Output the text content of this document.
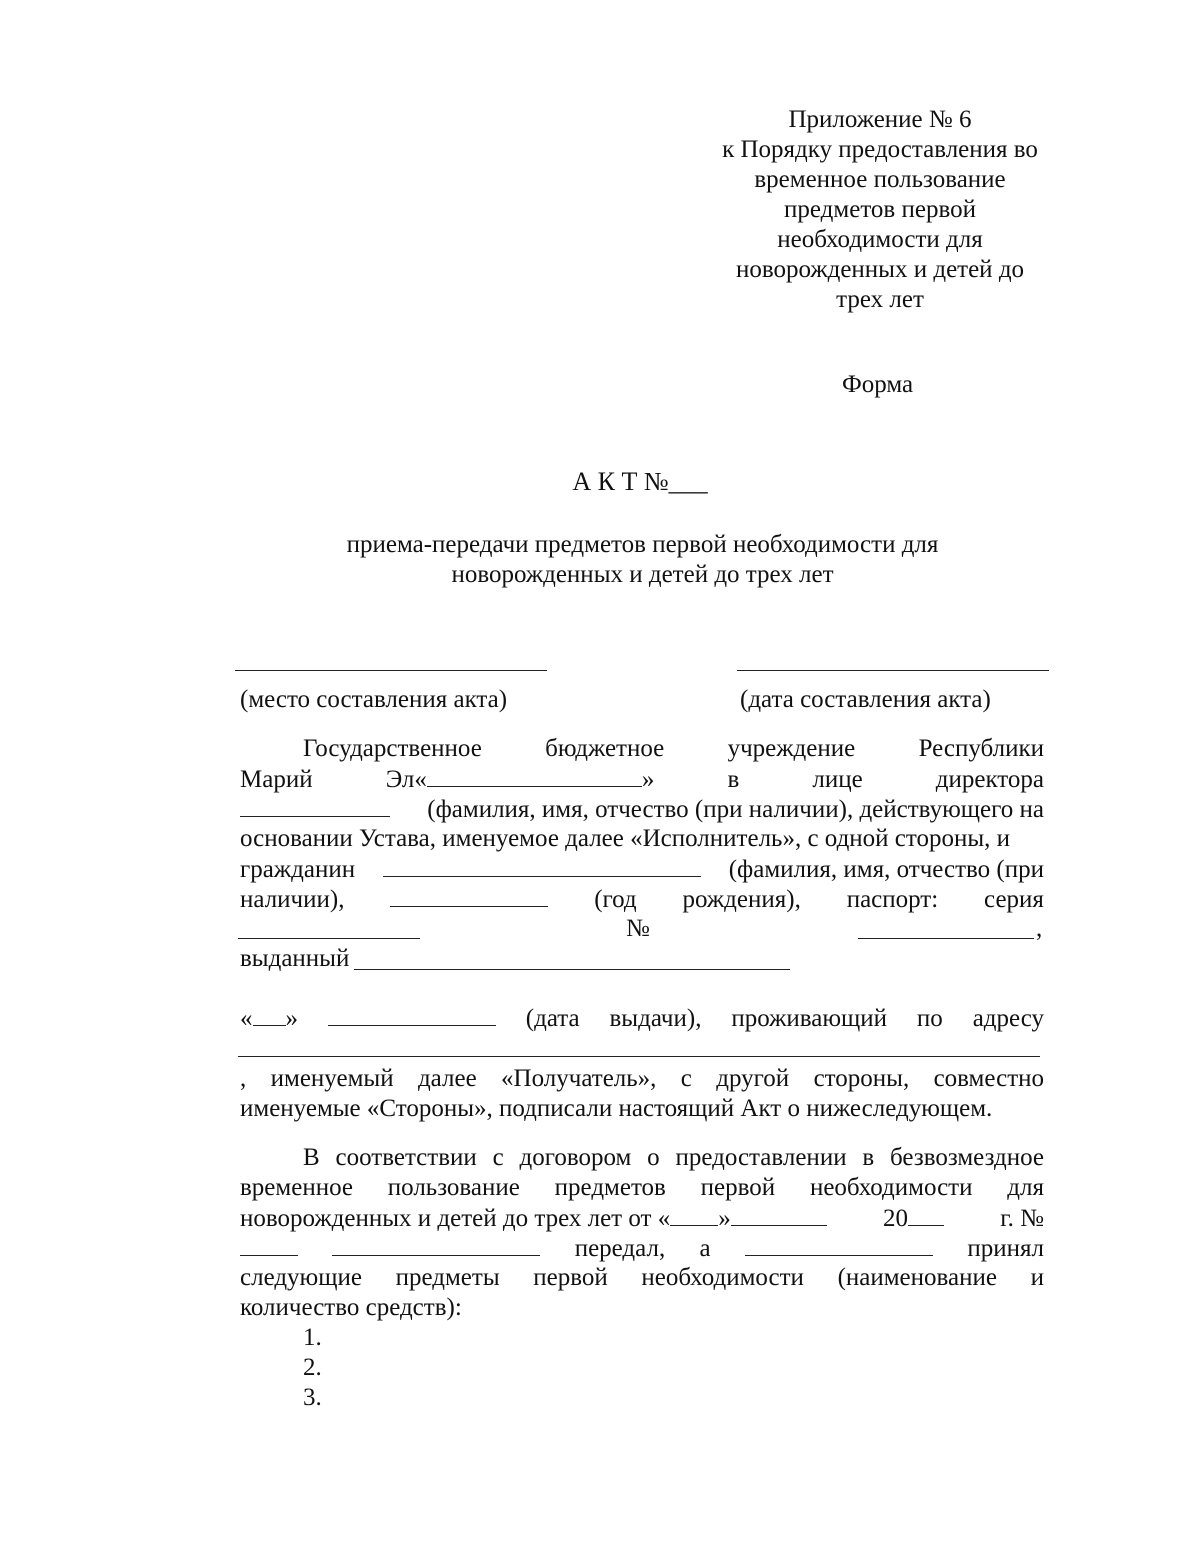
Приложение № 6
к Порядку предоставления во
временное пользование
предметов первой
необходимости для
новорожденных и детей до
трех лет
Форма
А К Т №___
приема-передачи предметов первой необходимости для
новорожденных и детей до трех лет
(место составления акта)	(дата составления акта)
Государственное	бюджетное	учреждение	Республики
Марий	Эл«	»	в	лице	директора
(фамилия, имя, отчество (при наличии), действующего на
основании Устава, именуемое далее «Исполнитель», с одной стороны, и
гражданин	(фамилия, имя, отчество (при
наличии),	(год рождения), паспорт: серия
№	,
выданный
« »	(дата выдачи), проживающий по адресу
, именуемый далее «Получатель», с другой стороны, совместно
именуемые «Стороны», подписали настоящий Акт о нижеследующем.
В соответствии с договором о предоставлении в безвозмездное
временное пользование предметов первой необходимости для
новорожденных и детей до трех лет от « »	20	г. №
передал, а	принял
следующие предметы первой необходимости (наименование и
количество средств):
1.
2.
3.
